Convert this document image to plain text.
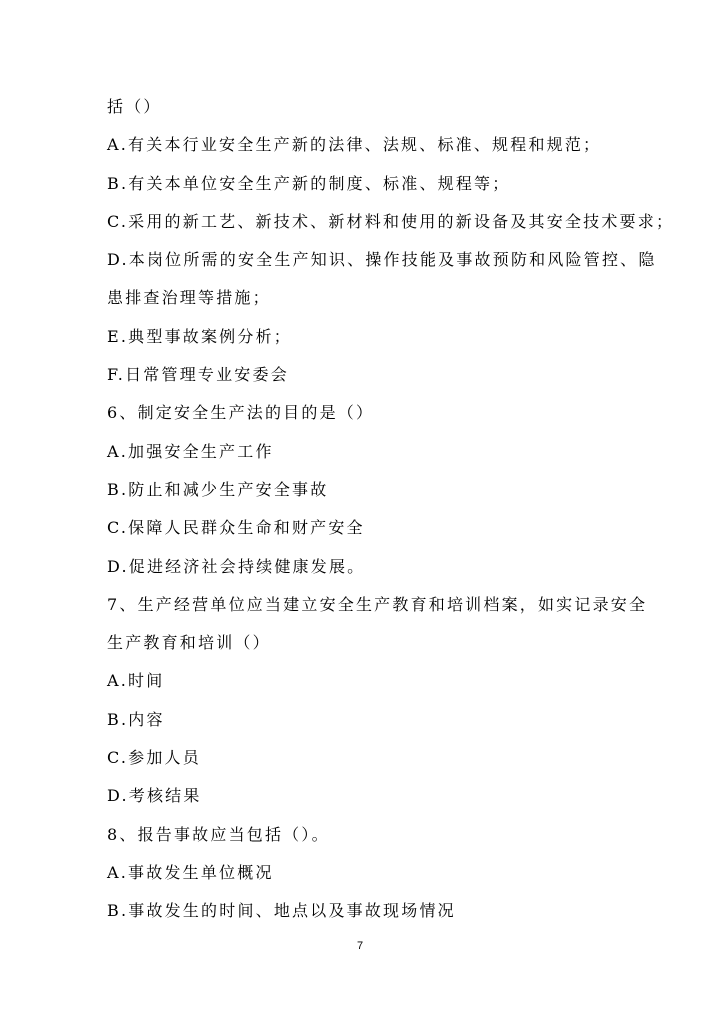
括（）
A.有关本行业安全生产新的法律、法规、标准、规程和规范；
B.有关本单位安全生产新的制度、标准、规程等；
C.采用的新工艺、新技术、新材料和使用的新设备及其安全技术要求；
D.本岗位所需的安全生产知识、操作技能及事故预防和风险管控、隐
患排查治理等措施；
E.典型事故案例分析；
F.日常管理专业安委会
6、制定安全生产法的目的是（）
A.加强安全生产工作
B.防止和减少生产安全事故
C.保障人民群众生命和财产安全
D.促进经济社会持续健康发展。
7、生产经营单位应当建立安全生产教育和培训档案，如实记录安全
生产教育和培训（）
A.时间
B.内容
C.参加人员
D.考核结果
8、报告事故应当包括（）。
A.事故发生单位概况
B.事故发生的时间、地点以及事故现场情况
7
